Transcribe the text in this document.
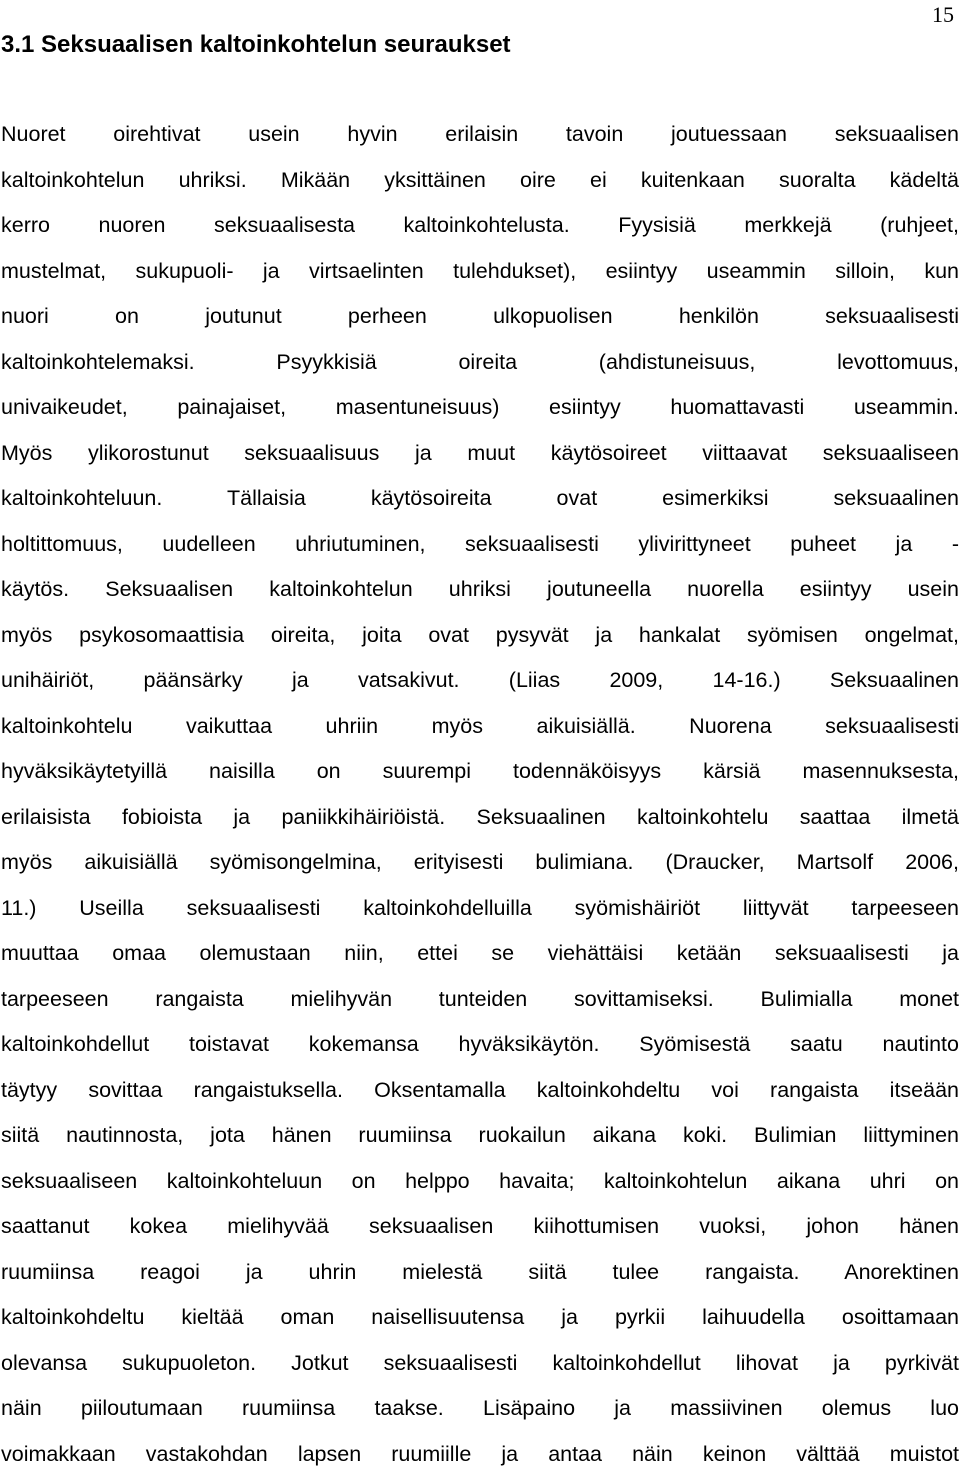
15
3.1 Seksuaalisen kaltoinkohtelun seuraukset
Nuoret oirehtivat usein hyvin erilaisin tavoin joutuessaan seksuaalisen
kaltoinkohtelun uhriksi. Mikään yksittäinen oire ei kuitenkaan suoralta kädeltä
kerro nuoren seksuaalisesta kaltoinkohtelusta. Fyysisiä merkkejä (ruhjeet,
mustelmat, sukupuoli- ja virtsaelinten tulehdukset), esiintyy useammin silloin, kun
nuori on joutunut perheen ulkopuolisen henkilön seksuaalisesti
kaltoinkohtelemaksi. Psyykkisiä oireita (ahdistuneisuus, levottomuus,
univaikeudet, painajaiset, masentuneisuus) esiintyy huomattavasti useammin.
Myös ylikorostunut seksuaalisuus ja muut käytösoireet viittaavat seksuaaliseen
kaltoinkohteluun. Tällaisia käytösoireita ovat esimerkiksi seksuaalinen
holtittomuus, uudelleen uhriutuminen, seksuaalisesti ylivirittyneet puheet ja -
käytös. Seksuaalisen kaltoinkohtelun uhriksi joutuneella nuorella esiintyy usein
myös psykosomaattisia oireita, joita ovat pysyvät ja hankalat syömisen ongelmat,
unihäiriöt, päänsärky ja vatsakivut. (Liias 2009, 14-16.) Seksuaalinen
kaltoinkohtelu vaikuttaa uhriin myös aikuisiällä. Nuorena seksuaalisesti
hyväksikäytetyillä naisilla on suurempi todennäköisyys kärsiä masennuksesta,
erilaisista fobioista ja paniikkihäiriöistä. Seksuaalinen kaltoinkohtelu saattaa ilmetä
myös aikuisiällä syömisongelmina, erityisesti bulimiana. (Draucker, Martsolf 2006,
11.) Useilla seksuaalisesti kaltoinkohdelluilla syömishäiriöt liittyvät tarpeeseen
muuttaa omaa olemustaan niin, ettei se viehättäisi ketään seksuaalisesti ja
tarpeeseen rangaista mielihyvän tunteiden sovittamiseksi. Bulimialla monet
kaltoinkohdellut toistavat kokemansa hyväksikäytön. Syömisestä saatu nautinto
täytyy sovittaa rangaistuksella. Oksentamalla kaltoinkohdeltu voi rangaista itseään
siitä nautinnosta, jota hänen ruumiinsa ruokailun aikana koki. Bulimian liittyminen
seksuaaliseen kaltoinkohteluun on helppo havaita; kaltoinkohtelun aikana uhri on
saattanut kokea mielihyvää seksuaalisen kiihottumisen vuoksi, johon hänen
ruumiinsa reagoi ja uhrin mielestä siitä tulee rangaista. Anorektinen
kaltoinkohdeltu kieltää oman naisellisuutensa ja pyrkii laihuudella osoittamaan
olevansa sukupuoleton. Jotkut seksuaalisesti kaltoinkohdellut lihovat ja pyrkivät
näin piiloutumaan ruumiinsa taakse. Lisäpaino ja massiivinen olemus luo
voimakkaan vastakohdan lapsen ruumiille ja antaa näin keinon välttää muistot
